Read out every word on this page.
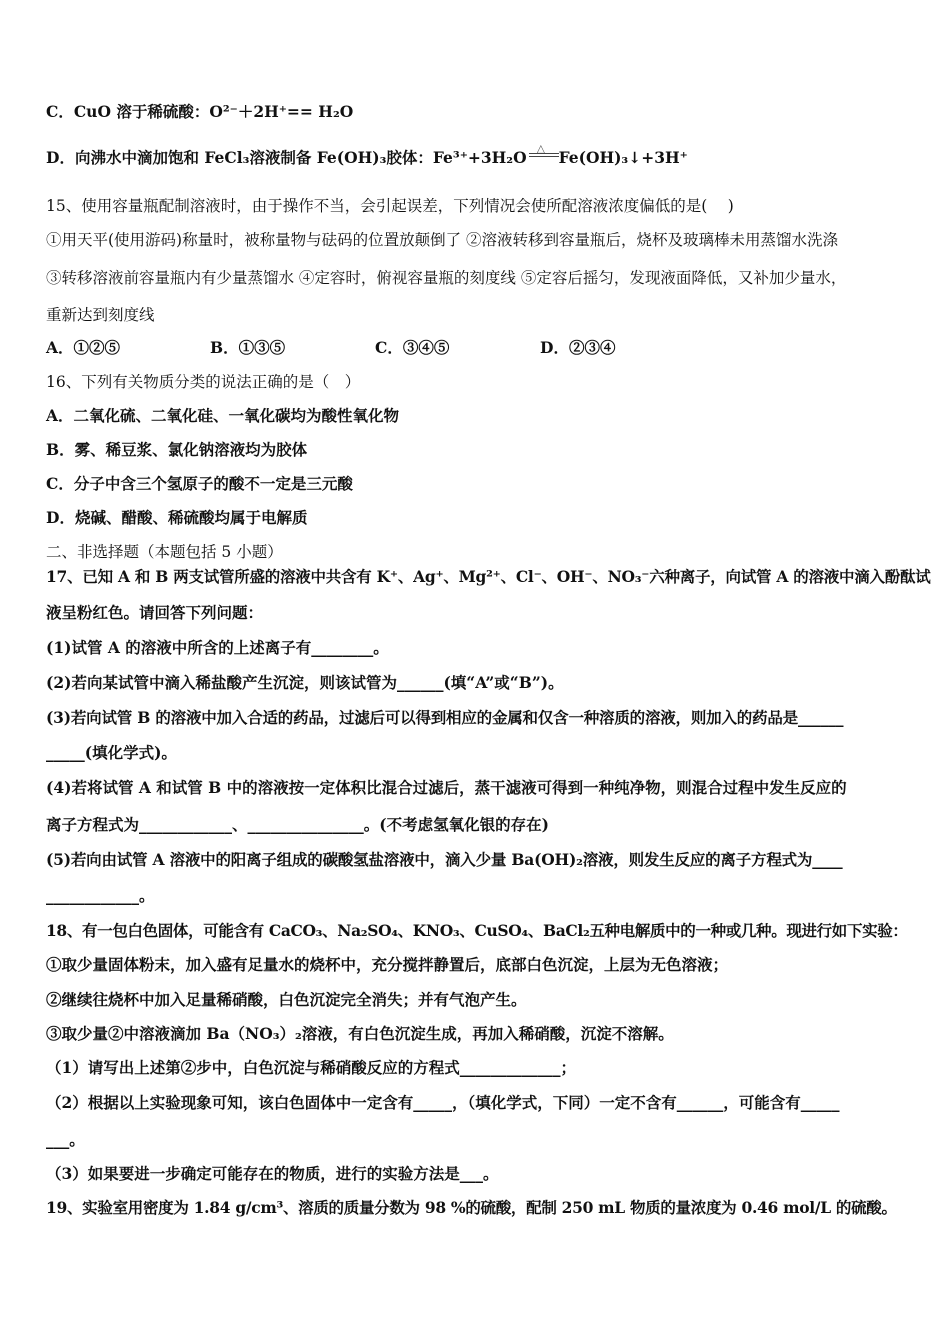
C．CuO 溶于稀硫酸：O²⁻＋2H⁺== H₂O
D．向沸水中滴加饱和 FeCl₃溶液制备 Fe(OH)₃胶体：Fe³⁺+3H₂O △ Fe(OH)₃↓+3H⁺
15、使用容量瓶配制溶液时，由于操作不当，会引起误差，下列情况会使所配溶液浓度偏低的是(　 )
①用天平(使用游码)称量时，被称量物与砝码的位置放颠倒了 ②溶液转移到容量瓶后，烧杯及玻璃棒未用蒸馏水洗涤
③转移溶液前容量瓶内有少量蒸馏水 ④定容时，俯视容量瓶的刻度线 ⑤定容后摇匀，发现液面降低，又补加少量水，
重新达到刻度线
A．①②⑤	B．①③⑤	C．③④⑤	D．②③④
16、下列有关物质分类的说法正确的是（　）
A．二氧化硫、二氧化硅、一氧化碳均为酸性氧化物
B．雾、稀豆浆、氯化钠溶液均为胶体
C．分子中含三个氢原子的酸不一定是三元酸
D．烧碱、醋酸、稀硫酸均属于电解质
二、非选择题（本题包括 5 小题）
17、已知 A 和 B 两支试管所盛的溶液中共含有 K⁺、Ag⁺、Mg²⁺、Cl⁻、OH⁻、NO₃⁻六种离子，向试管 A 的溶液中滴入酚酞试
液呈粉红色。请回答下列问题：
(1)试管 A 的溶液中所含的上述离子有________。
(2)若向某试管中滴入稀盐酸产生沉淀，则该试管为______(填“A”或“B”)。
(3)若向试管 B 的溶液中加入合适的药品，过滤后可以得到相应的金属和仅含一种溶质的溶液，则加入的药品是______
_____(填化学式)。
(4)若将试管 A 和试管 B 中的溶液按一定体积比混合过滤后，蒸干滤液可得到一种纯净物，则混合过程中发生反应的
离子方程式为____________、_______________。(不考虑氢氧化银的存在)
(5)若向由试管 A 溶液中的阳离子组成的碳酸氢盐溶液中，滴入少量 Ba(OH)₂溶液，则发生反应的离子方程式为____
____________。
18、有一包白色固体，可能含有 CaCO₃、Na₂SO₄、KNO₃、CuSO₄、BaCl₂五种电解质中的一种或几种。现进行如下实验：
①取少量固体粉末，加入盛有足量水的烧杯中，充分搅拌静置后，底部白色沉淀，上层为无色溶液；
②继续往烧杯中加入足量稀硝酸，白色沉淀完全消失；并有气泡产生。
③取少量②中溶液滴加 Ba（NO₃）₂溶液，有白色沉淀生成，再加入稀硝酸，沉淀不溶解。
（1）请写出上述第②步中，白色沉淀与稀硝酸反应的方程式_____________；
（2）根据以上实验现象可知，该白色固体中一定含有_____，（填化学式，下同）一定不含有______，可能含有_____
___。
（3）如果要进一步确定可能存在的物质，进行的实验方法是___。
19、实验室用密度为 1.84 g/cm³、溶质的质量分数为 98 %的硫酸，配制 250 mL 物质的量浓度为 0.46 mol/L 的硫酸。
